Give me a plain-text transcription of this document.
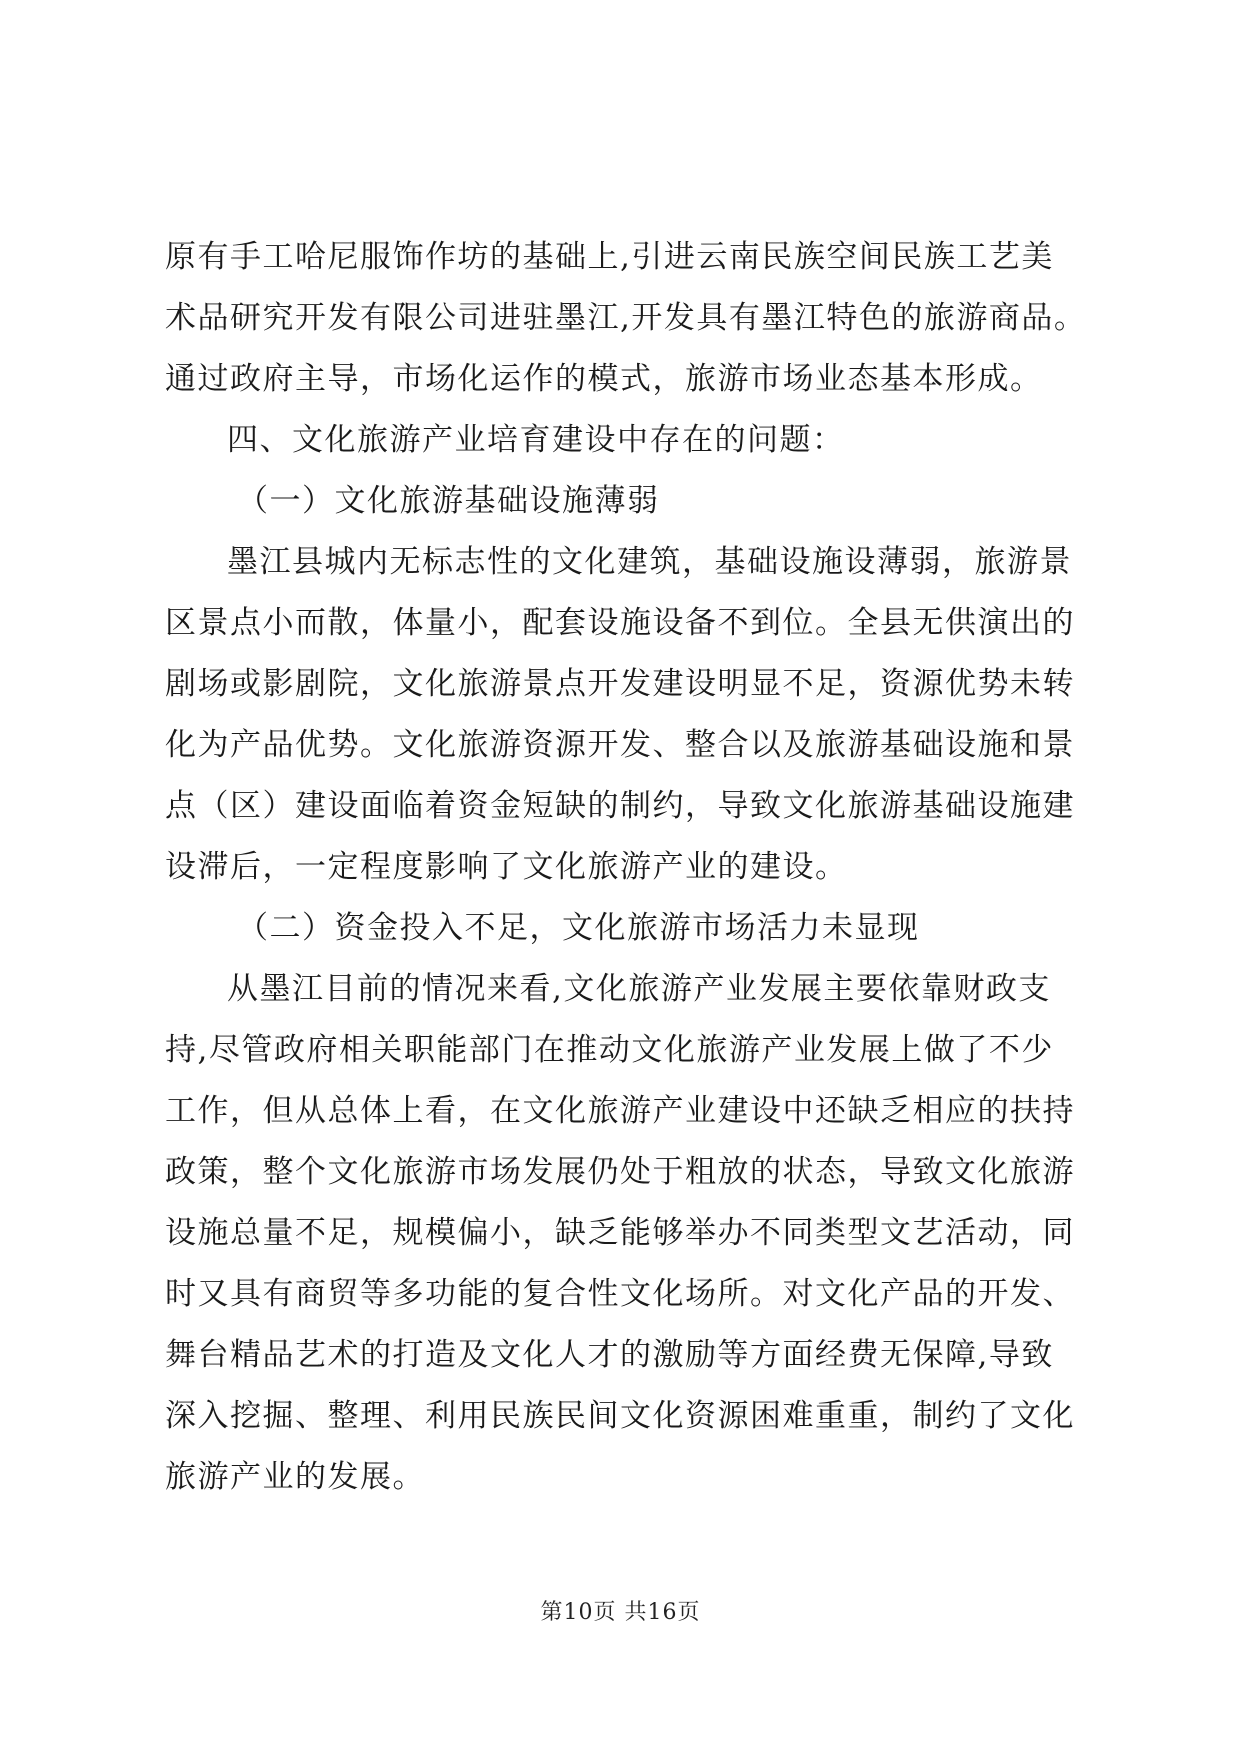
原有手工哈尼服饰作坊的基础上,引进云南民族空间民族工艺美
术品研究开发有限公司进驻墨江,开发具有墨江特色的旅游商品。
通过政府主导，市场化运作的模式，旅游市场业态基本形成。
四、文化旅游产业培育建设中存在的问题：
（一）文化旅游基础设施薄弱
墨江县城内无标志性的文化建筑，基础设施设薄弱，旅游景
区景点小而散，体量小，配套设施设备不到位。全县无供演出的
剧场或影剧院，文化旅游景点开发建设明显不足，资源优势未转
化为产品优势。文化旅游资源开发、整合以及旅游基础设施和景
点（区）建设面临着资金短缺的制约，导致文化旅游基础设施建
设滞后，一定程度影响了文化旅游产业的建设。
（二）资金投入不足，文化旅游市场活力未显现
从墨江目前的情况来看,文化旅游产业发展主要依靠财政支
持,尽管政府相关职能部门在推动文化旅游产业发展上做了不少
工作，但从总体上看，在文化旅游产业建设中还缺乏相应的扶持
政策，整个文化旅游市场发展仍处于粗放的状态，导致文化旅游
设施总量不足，规模偏小，缺乏能够举办不同类型文艺活动，同
时又具有商贸等多功能的复合性文化场所。对文化产品的开发、
舞台精品艺术的打造及文化人才的激励等方面经费无保障,导致
深入挖掘、整理、利用民族民间文化资源困难重重，制约了文化
旅游产业的发展。
第10页 共16页
